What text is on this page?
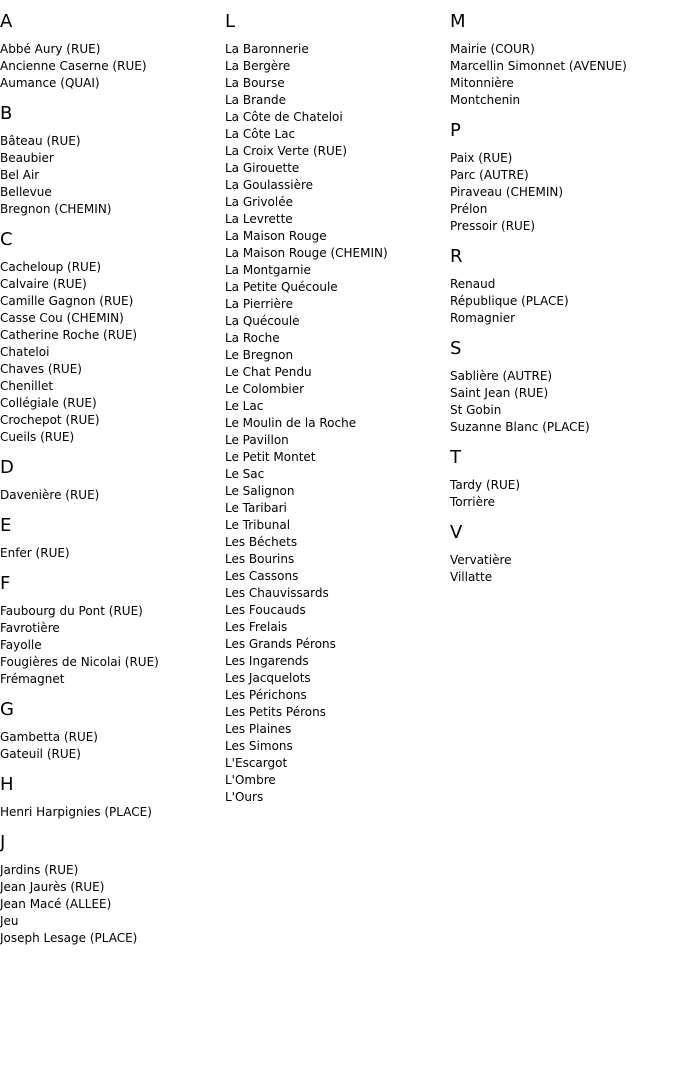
A
Abbé Aury (RUE)
Ancienne Caserne (RUE)
Aumance (QUAI)
B
Bâteau (RUE)
Beaubier
Bel Air
Bellevue
Bregnon (CHEMIN)
C
Cacheloup (RUE)
Calvaire (RUE)
Camille Gagnon (RUE)
Casse Cou (CHEMIN)
Catherine Roche (RUE)
Chateloi
Chaves (RUE)
Chenillet
Collégiale (RUE)
Crochepot (RUE)
Cueils (RUE)
D
Davenière (RUE)
E
Enfer (RUE)
F
Faubourg du Pont (RUE)
Favrotière
Fayolle
Fougières de Nicolai (RUE)
Frémagnet
G
Gambetta (RUE)
Gateuil (RUE)
H
Henri Harpignies (PLACE)
J
Jardins (RUE)
Jean Jaurès (RUE)
Jean Macé (ALLEE)
Jeu
Joseph Lesage (PLACE)
L
La Baronnerie
La Bergère
La Bourse
La Brande
La Côte de Chateloi
La Côte Lac
La Croix Verte (RUE)
La Girouette
La Goulassière
La Grivolée
La Levrette
La Maison Rouge
La Maison Rouge (CHEMIN)
La Montgarnie
La Petite Quécoule
La Pierrière
La Quécoule
La Roche
Le Bregnon
Le Chat Pendu
Le Colombier
Le Lac
Le Moulin de la Roche
Le Pavillon
Le Petit Montet
Le Sac
Le Salignon
Le Taribari
Le Tribunal
Les Béchets
Les Bourins
Les Cassons
Les Chauvissards
Les Foucauds
Les Frelais
Les Grands Pérons
Les Ingarends
Les Jacquelots
Les Périchons
Les Petits Pérons
Les Plaines
Les Simons
L'Escargot
L'Ombre
L'Ours
M
Mairie (COUR)
Marcellin Simonnet (AVENUE)
Mitonnière
Montchenin
P
Paix (RUE)
Parc (AUTRE)
Piraveau (CHEMIN)
Prélon
Pressoir (RUE)
R
Renaud
République (PLACE)
Romagnier
S
Sablière (AUTRE)
Saint Jean (RUE)
St Gobin
Suzanne Blanc (PLACE)
T
Tardy (RUE)
Torrière
V
Vervatière
Villatte
